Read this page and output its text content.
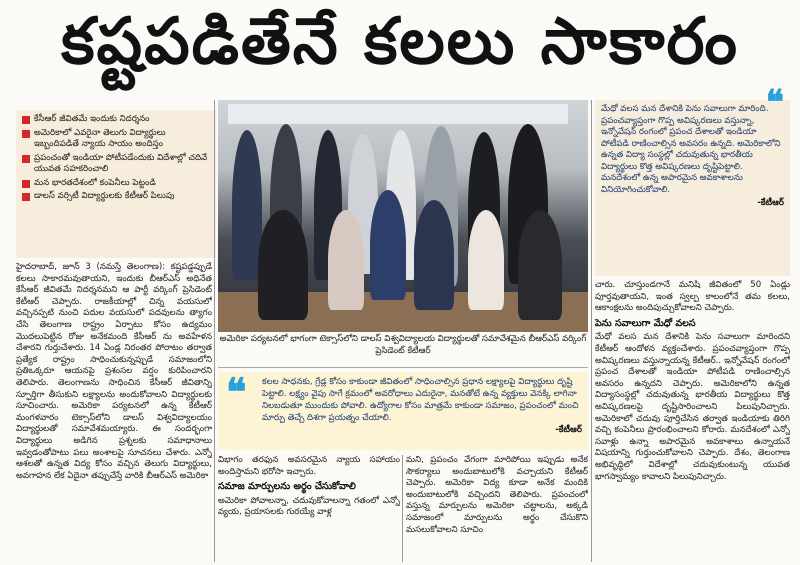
కష్టపడితేనే కలలు సాకారం
కేసీఆర్ జీవితమే ఇందుకు నిదర్శనం
అమెరికాలో ఎవరైనా తెలుగు విద్యార్థులు ఇబ్బందిపడితే న్యాయ సాయం అందిస్తం
ప్రపంచంతో ఇండియా పోటీపడేందుకు విదేశాల్లో చదివే యువత సహకరించాలి
మన భారతదేశంలో కంపెనీలు పెట్టండి
డాలస్ వర్సిటీ విద్యార్థులకు కేటీఆర్ పిలుపు

హైదరాబాద్, జూన్ 3 (నమస్తే తెలంగాణ): కష్టపడ్డప్పుడే కలలు సాకారమవుతాయని, ఇందుకు బీఆర్ఎస్ అధినేత కేసీఆర్ జీవితమే నిదర్శనమని ఆ పార్టీ వర్కింగ్ ప్రెసిడెంట్ కేటీఆర్ చెప్పారు. రాజకీయాల్లో చిన్న వయసులో వచ్చినప్పటి నుంచి పదుల వయసులో పదవులను త్యాగం చేసి తెలంగాణ రాష్ట్రం ఏర్పాటు కోసం ఉద్యమం మొదలుపెట్టిన రోజు అనేకమంది కేసీఆర్ ను అవహేళన చేశారని గుర్తుచేశారు. 14 ఏండ్ల నిరంతర పోరాటం తర్వాత ప్రత్యేక రాష్ట్రం సాధించుకున్నప్పుడే సమాజంలోని ప్రతిఒక్కరూ ఆయనపై ప్రశంసల వర్షం కురిపించారని తెలిపారు. తెలంగాణను సాధించిన కేసీఆర్ జీవితాన్ని స్ఫూర్తిగా తీసుకుని లక్ష్యాలను అందుకోవాలని విద్యార్థులకు సూచించారు. అమెరికా పర్యటనలో ఉన్న కేటీఆర్ మంగళవారం టెక్సాస్‌లోని డాలస్ విశ్వవిద్యాలయం విద్యార్థులతో సమావేశమయ్యారు. ఈ సందర్భంగా విద్యార్థులు అడిగిన ప్రశ్నలకు సమాధానాలు ఇవ్వడంతోపాటు పలు అంశాలపై సూచనలు చేశారు. ఎన్నో ఆశలతో ఉన్నత విద్య కోసం వచ్చిన తెలుగు విద్యార్థులు, అవగాహన లేక ఏదైనా తప్పుచేస్తే వారికి బీఆర్ఎస్ అమెరికా

అమెరికా పర్యటనలో భాగంగా టెక్సాస్‌లోని డాలస్ విశ్వవిద్యాలయ విద్యార్థులతో సమావేశమైన బీఆర్ఎస్ వర్కింగ్ ప్రెసిడెంట్ కేటీఆర్
❝
మేధో వలస మన దేశానికి పెను సవాలుగా మారింది. ప్రపంచవ్యాప్తంగా గొప్ప అవిష్కరణలు వస్తున్నా, ఇన్నోవేషన్ రంగంలో ప్రపంచ దేశాలతో ఇండియా పోటీపడి రాణించాల్సిన అవసరం ఉన్నది. అమెరికాలోని ఉన్నత విద్యా సంస్థల్లో చదువుతున్న భారతీయ విద్యార్థులు కొత్త అవిష్కరణలు దృష్టిపెట్టాలి. మనదేశంలో ఉన్న అపారమైన అవకాశాలను వినియోగించుకోవాలి.
-కేటీఆర్

చారు. చూస్తుండగానే మనిషి జీవితంలో 50 ఏండ్లు పూర్తవుతాయని, ఇంత స్వల్ప కాలంలోనే తమ కలలు, ఆకాంక్షలను అందిపుచ్చుకోవాలని చెప్పారు.

పెను సవాలుగా మేధో వలస

మేధో వలస మన దేశానికి పెను సవాలుగా మారిందని కేటీఆర్ ఆందోళన వ్యక్తంచేశారు. ప్రపంచవ్యాప్తంగా గొప్ప అవిష్కరణలు వస్తున్నాయన్న కేటీఆర్.. ఇన్నోవేషన్ రంగంలో ప్రపంచ దేశాలతో ఇండియా పోటీపడి రాణించాల్సిన అవసరం ఉన్నదని చెప్పారు. అమెరికాలోని ఉన్నత విద్యాసంస్థల్లో చదువుతున్న భారతీయ విద్యార్థులు కొత్త అవిష్కరణలపై దృష్టిసారించాలని పిలుపునిచ్చారు. అమెరికాలో చదువు పూర్తిచేసిన తర్వాత ఇండియాకు తిరిగి వచ్చి కంపెనీలు ప్రారంభించాలని కోరారు. మనదేశంలో ఎన్నో సవాళ్లు ఉన్నా అపారమైన అవకాశాలు ఉన్నాయనే విషయాన్ని గుర్తుంచుకోవాలని చెప్పారు. దేశం, తెలంగాణ అభివృద్ధిలో విదేశాల్లో చదువుకుంటున్న యువత భాగస్వామ్యం కావాలని పిలుపునిచ్చారు.

❝ కలల సాధనకు, గ్రేడ్ల కోసం కాకుండా జీవితంలో సాధించాల్సిన ప్రధాన లక్ష్యాలపై విద్యార్థులు దృష్టి పెట్టాలి. లక్ష్యం వైపు సాగే క్రమంలో అవరోధాలు ఎదురైనా, మనతోటే ఉన్న వ్యక్తులు వెనక్కి లాగినా నిలబడుతూ ముందుకు పోవాలి. ఉద్యోగాల కోసం మాత్రమే కాకుండా సమాజం, ప్రపంచంలో మంచి మార్పు తెచ్చే దిశగా ప్రయత్నం చేయాలి.
-కేటీఆర్

విభాగం తరఫున అవసరమైన న్యాయ సహాయం అందిస్తామని భరోసా ఇచ్చారు.

సమాజ మార్పులను అర్థం చేసుకోవాలి

అమెరికా పోవాలన్నా, చదువుకోవాలన్నా గతంలో ఎన్నో వ్యయ, ప్రయాసలకు గురయ్యే వాళ్ల

మని, ప్రపంచం వేగంగా మారిపోయి ఇప్పుడు అనేక సౌకర్యాలు అందుబాటులోకి వచ్చాయని కేటీఆర్ చెప్పారు. అమెరికా విద్య కూడా అనేక మందికి అందుబాటులోకి వచ్చిందని తెలిపారు. ప్రపంచంలో వస్తున్న మార్పులను అమెరికా చట్టాలను, అక్కడి సమాజంలో మార్పులను అర్థం చేసుకొని మసలుకోవాలని సూచిం
